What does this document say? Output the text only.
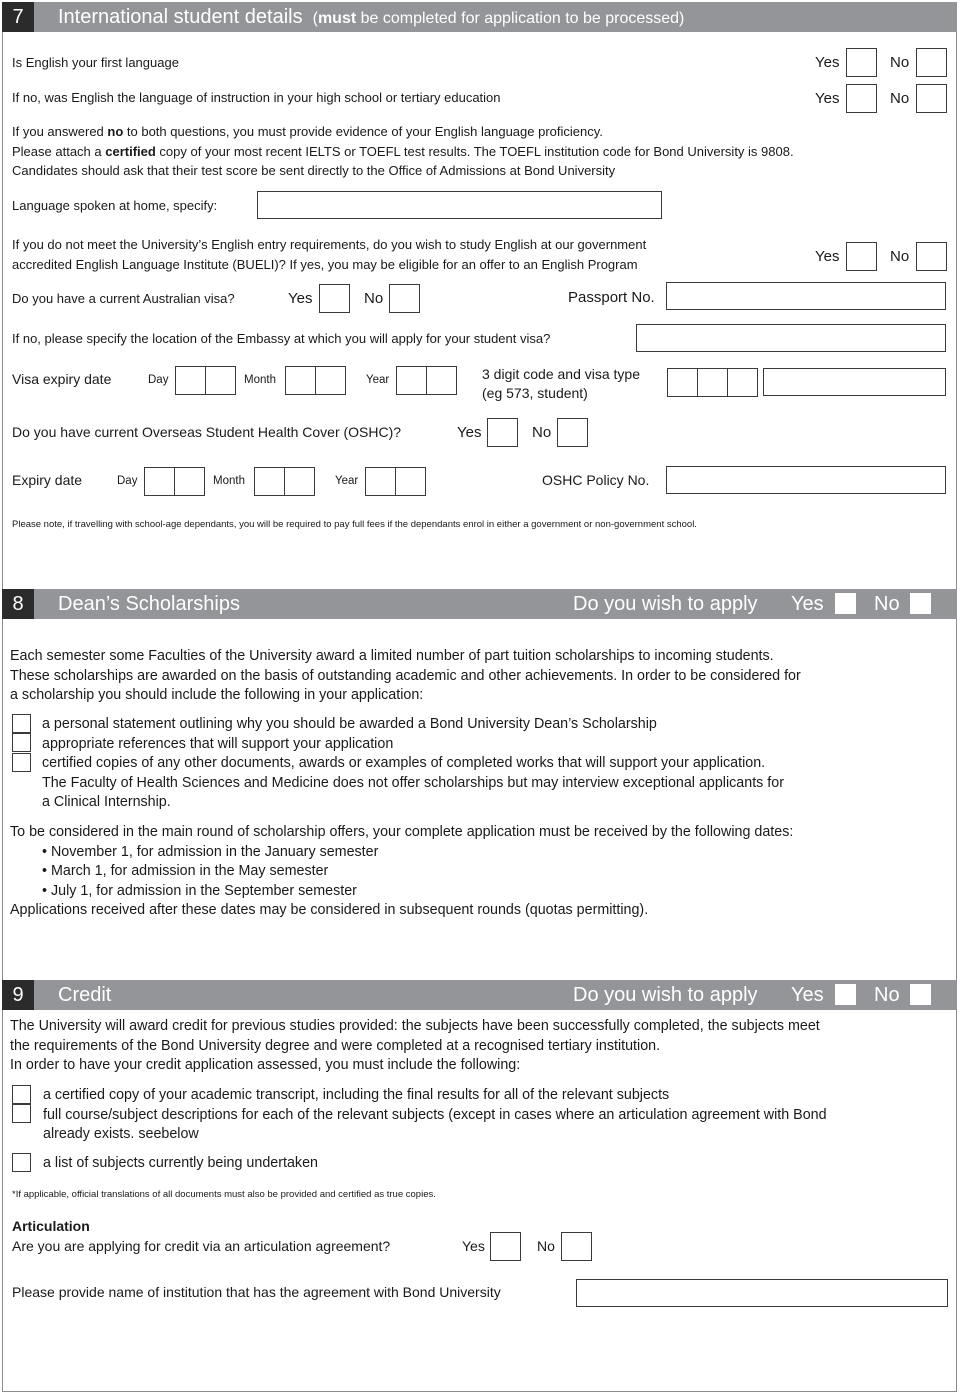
7	International student details (must be completed for application to be processed)
Is English your first language	Yes	No
If no, was English the language of instruction in your high school or tertiary education	Yes	No
If you answered no to both questions, you must provide evidence of your English language proficiency.
Please attach a certified copy of your most recent IELTS or TOEFL test results. The TOEFL institution code for Bond University is 9808.
Candidates should ask that their test score be sent directly to the Office of Admissions at Bond University
Language spoken at home, specify:
If you do not meet the University’s English entry requirements, do you wish to study English at our government
accredited English Language Institute (BUELI)? If yes, you may be eligible for an offer to an English Program	Yes	No
Do you have a current Australian visa?	Yes	No	Passport No.
If no, please specify the location of the Embassy at which you will apply for your student visa?
Visa expiry date	Day	Month	Year	3 digit code and visa type
(eg 573, student)
Do you have current Overseas Student Health Cover (OSHC)?	Yes	No
Expiry date	Day	Month	Year	OSHC Policy No.
Please note, if travelling with school-age dependants, you will be required to pay full fees if the dependants enrol in either a government or non-government school.
8	Dean’s Scholarships	Do you wish to apply Yes	No
Each semester some Faculties of the University award a limited number of part tuition scholarships to incoming students.
These scholarships are awarded on the basis of outstanding academic and other achievements. In order to be considered for
a scholarship you should include the following in your application:
a personal statement outlining why you should be awarded a Bond University Dean’s Scholarship
appropriate references that will support your application
certified copies of any other documents, awards or examples of completed works that will support your application.
The Faculty of Health Sciences and Medicine does not offer scholarships but may interview exceptional applicants for
a Clinical Internship.
To be considered in the main round of scholarship offers, your complete application must be received by the following dates:
• November 1, for admission in the January semester
• March 1, for admission in the May semester
• July 1, for admission in the September semester
Applications received after these dates may be considered in subsequent rounds (quotas permitting).
9	Credit	Do you wish to apply Yes	No
The University will award credit for previous studies provided: the subjects have been successfully completed, the subjects meet
the requirements of the Bond University degree and were completed at a recognised tertiary institution.
In order to have your credit application assessed, you must include the following:
a certified copy of your academic transcript, including the final results for all of the relevant subjects
full course/subject descriptions for each of the relevant subjects (except in cases where an articulation agreement with Bond
already exists. seebelow
a list of subjects currently being undertaken
*If applicable, official translations of all documents must also be provided and certified as true copies.
Articulation
Are you are applying for credit via an articulation agreement?	Yes	No
Please provide name of institution that has the agreement with Bond University
